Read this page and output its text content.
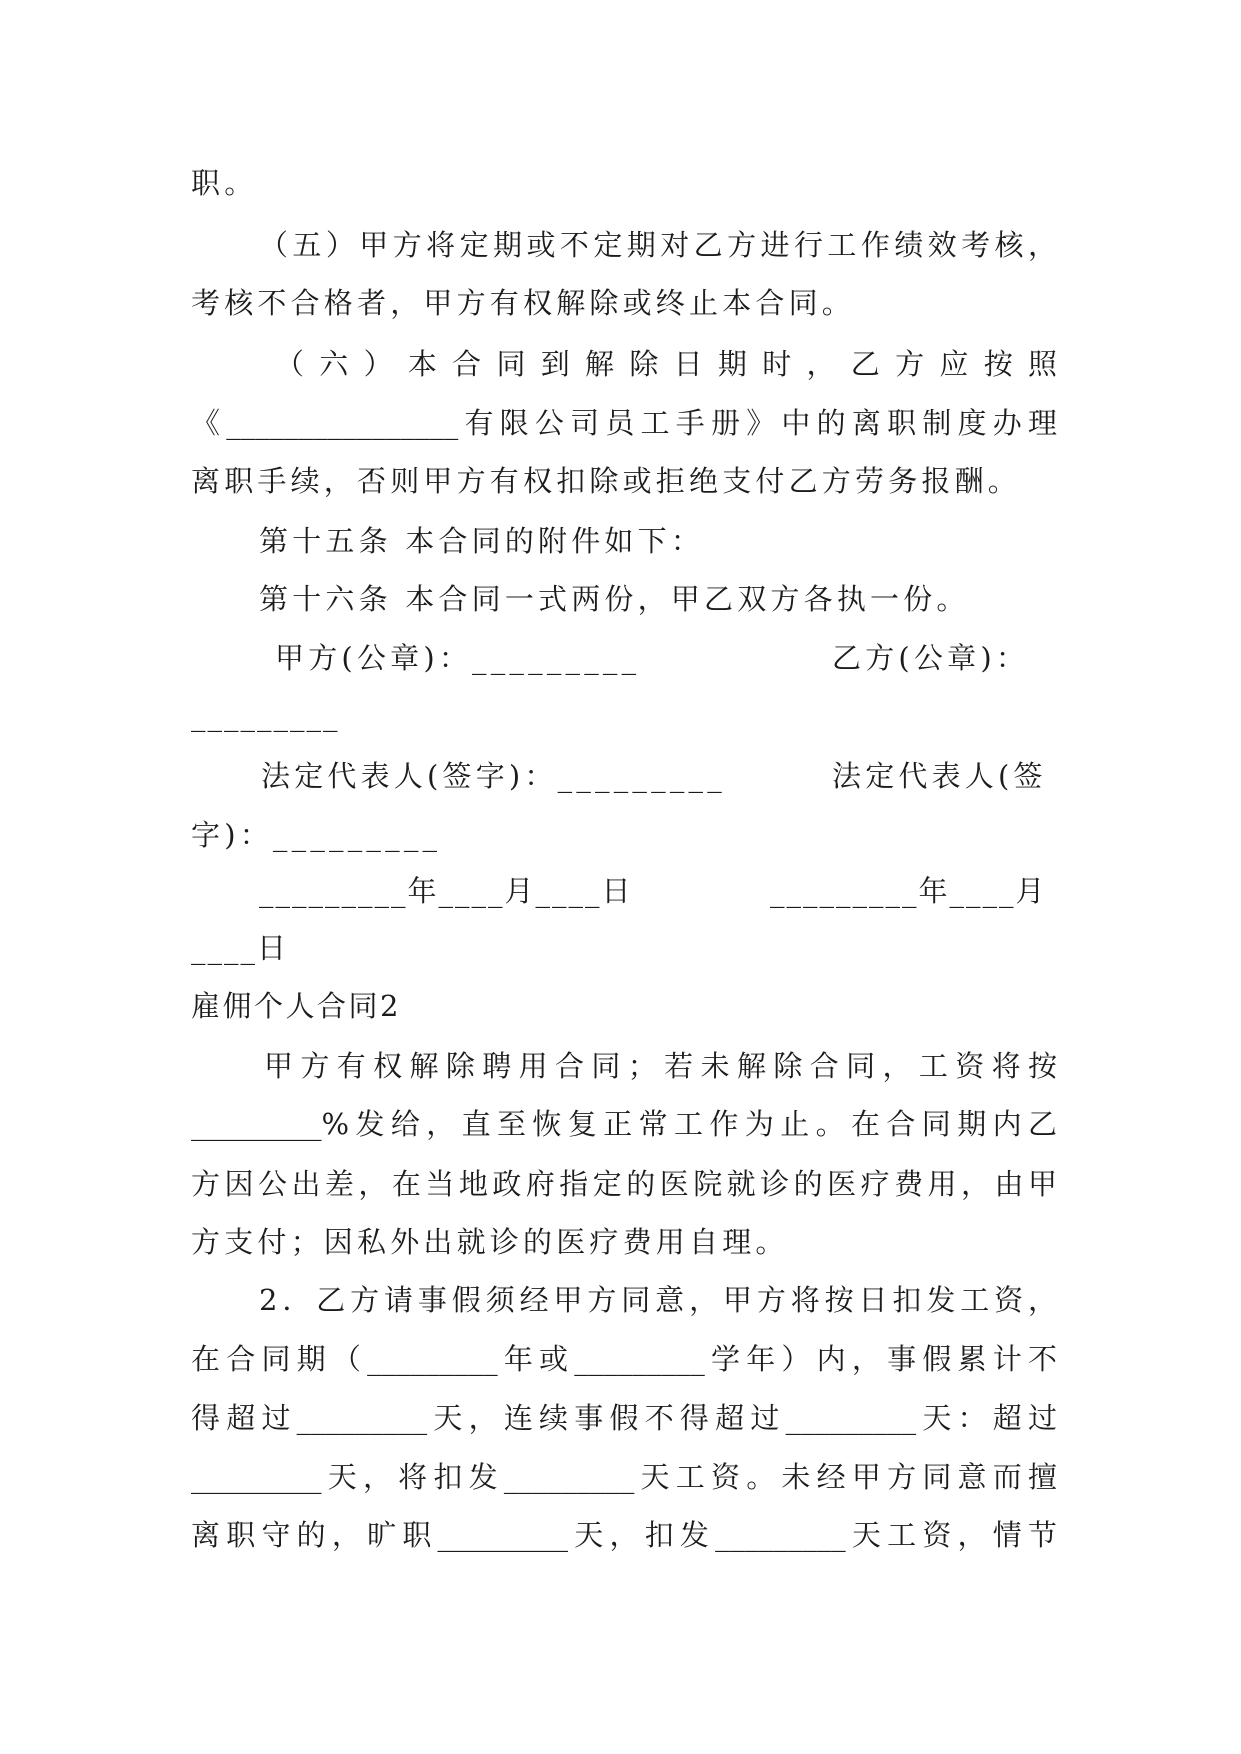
职。
（五）甲方将定期或不定期对乙方进行工作绩效考核，
考核不合格者，甲方有权解除或终止本合同。
（六）本合同到解除日期时，乙方应按照
《________________有限公司员工手册》中的离职制度办理
离职手续，否则甲方有权扣除或拒绝支付乙方劳务报酬。
第十五条 本合同的附件如下：
第十六条 本合同一式两份，甲乙双方各执一份。
甲方(公章)：_________	乙方(公章)：
_________
法定代表人(签字)：_________	法定代表人(签
字)：_________
_________年____月____日	_________年____月
____日
雇佣个人合同2
甲方有权解除聘用合同；若未解除合同，工资将按
_________%发给，直至恢复正常工作为止。在合同期内乙
方因公出差，在当地政府指定的医院就诊的医疗费用，由甲
方支付；因私外出就诊的医疗费用自理。
2．乙方请事假须经甲方同意，甲方将按日扣发工资，
在合同期（_________年或_________学年）内，事假累计不
得超过_________天，连续事假不得超过_________天：超过
_________天，将扣发_________天工资。未经甲方同意而擅
离职守的，旷职_________天，扣发_________天工资，情节
